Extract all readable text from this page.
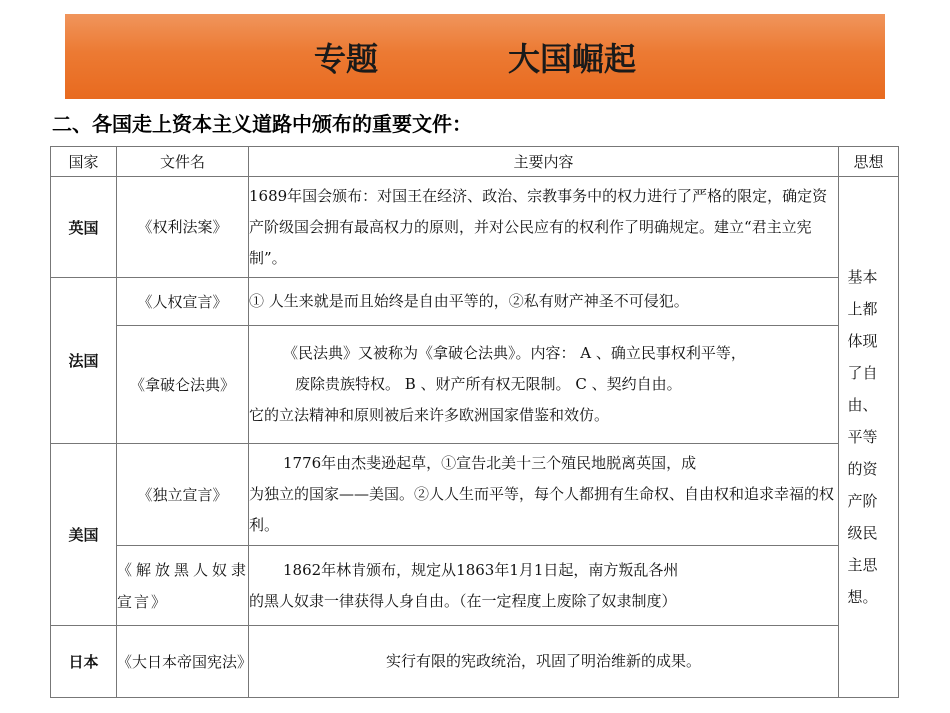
专题	大国崛起
二、各国走上资本主义道路中颁布的重要文件：
国家	文件名	主要内容	思想
英国	《权利法案》	1689年国会颁布：对国王在经济、政治、宗教事务中的权力进行了严格的限定，确定资产阶级国会拥有最高权力的原则，并对公民应有的权利作了明确规定。建立“君主立宪制”。	基本上都体现了自由、平等的资产阶级民主思想。
法国	《人权宣言》	① 人生来就是而且始终是自由平等的，②私有财产神圣不可侵犯。	
	《拿破仑法典》	《民法典》又被称为《拿破仑法典》。内容： A 、确立民事权利平等，
废除贵族特权。 B 、财产所有权无限制。 C 、契约自由。
它的立法精神和原则被后来许多欧洲国家借鉴和效仿。	
美国	《独立宣言》	1776年由杰斐逊起草，①宣告北美十三个殖民地脱离英国，成
为独立的国家——美国。②人人生而平等，每个人都拥有生命权、自由权和追求幸福的权利。	
	《解放黑人奴隶宣言》	1862年林肯颁布，规定从1863年1月1日起，南方叛乱各州
的黑人奴隶一律获得人身自由。（在一定程度上废除了奴隶制度）	
日本	《大日本帝国宪法》	实行有限的宪政统治，巩固了明治维新的成果。	
